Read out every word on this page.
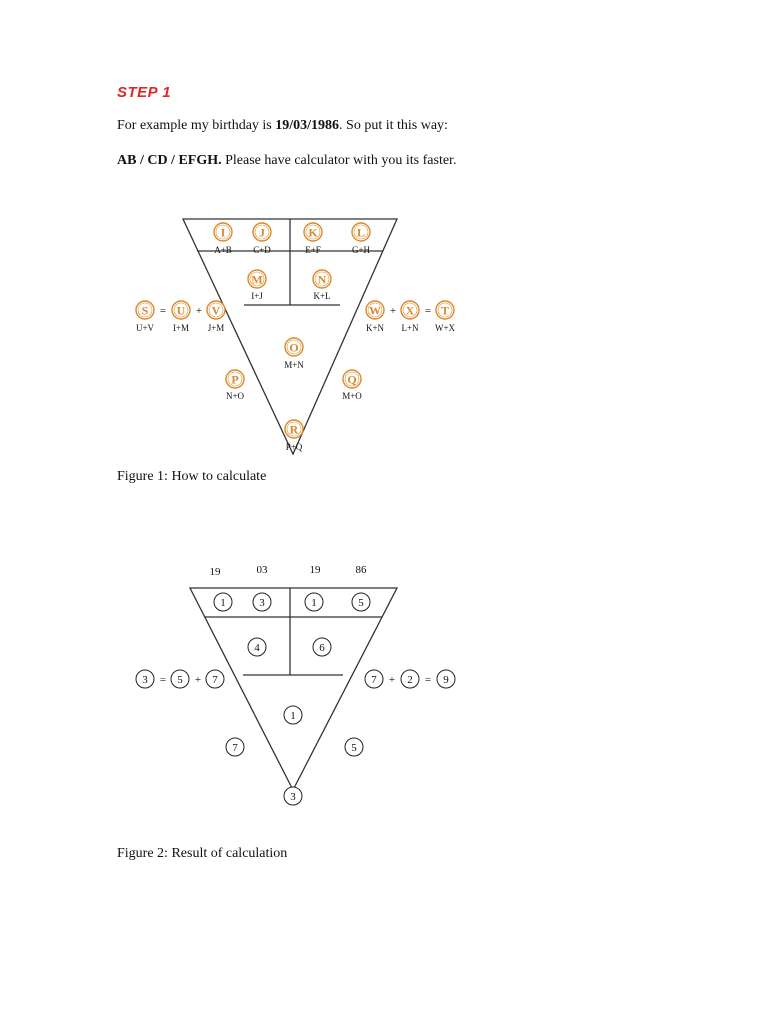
STEP 1
For example my birthday is 19/03/1986. So put it this way:
AB / CD / EFGH. Please have calculator with you its faster.
I
A+B
J
C+D
K
E+F
L
G+H
M
I+J
N
K+L
O
M+N
P
N+O
Q
M+O
R
P+Q
S
U+V
= U
I+M
+ V
J+M
W
K+N
+ X
L+N
= T
W+X
Figure 1: How to calculate
19	03	19	86
1	3	1	5
4	6
1
7	5
3
3 = 5 + 7	7 + 2 = 9
Figure 2: Result of calculation
